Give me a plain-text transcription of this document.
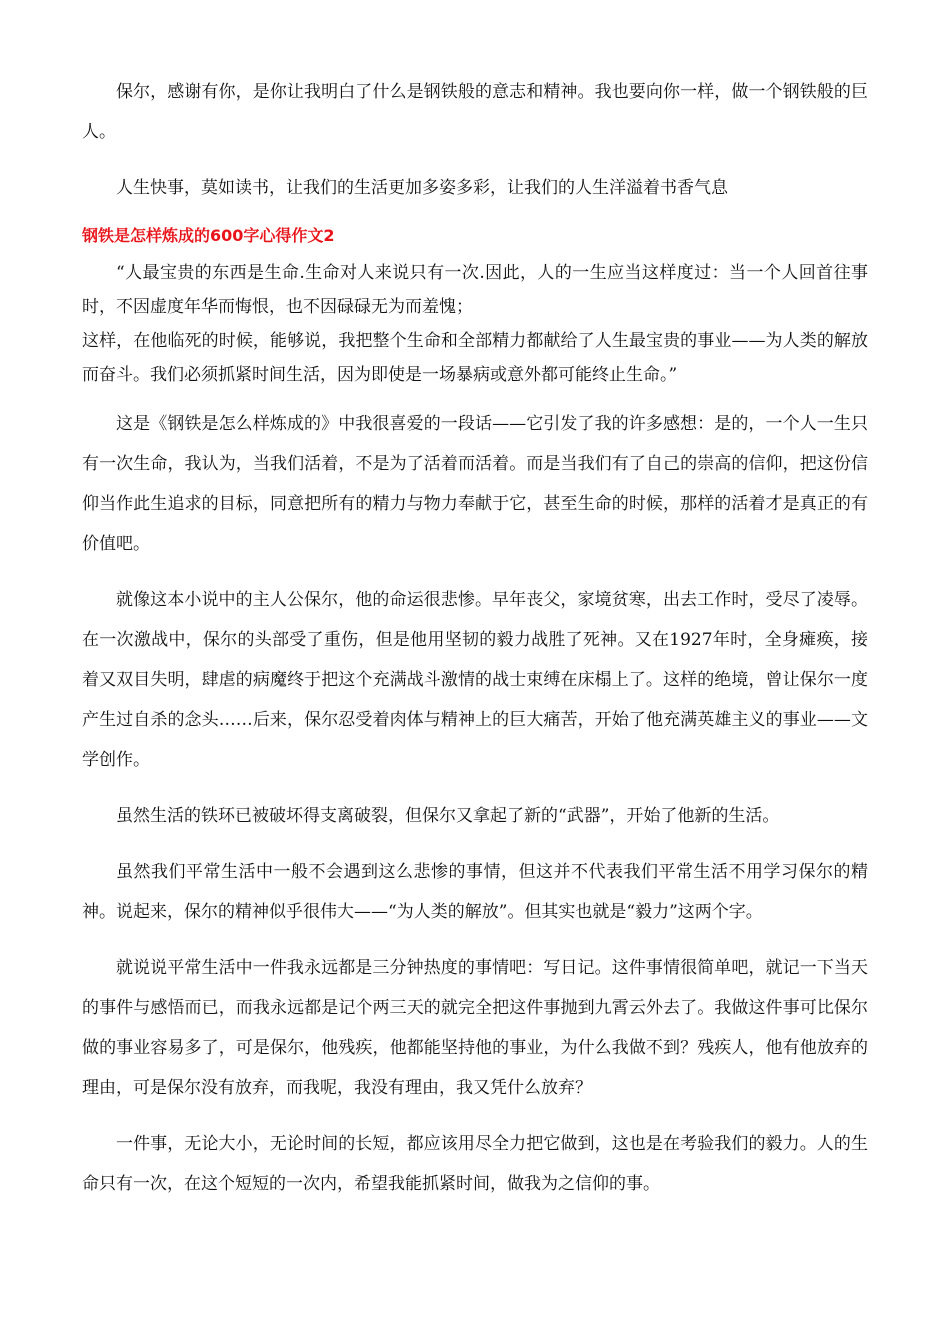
保尔，感谢有你，是你让我明白了什么是钢铁般的意志和精神。我也要向你一样，做一个钢铁般的巨人。

人生快事，莫如读书，让我们的生活更加多姿多彩，让我们的人生洋溢着书香气息

钢铁是怎样炼成的600字心得作文2

“人最宝贵的东西是生命.生命对人来说只有一次.因此，人的一生应当这样度过：当一个人回首往事时，不因虚度年华而悔恨，也不因碌碌无为而羞愧；

这样，在他临死的时候，能够说，我把整个生命和全部精力都献给了人生最宝贵的事业——为人类的解放而奋斗。我们必须抓紧时间生活，因为即使是一场暴病或意外都可能终止生命。”

这是《钢铁是怎么样炼成的》中我很喜爱的一段话——它引发了我的许多感想：是的，一个人一生只有一次生命，我认为，当我们活着，不是为了活着而活着。而是当我们有了自己的崇高的信仰，把这份信仰当作此生追求的目标，同意把所有的精力与物力奉献于它，甚至生命的时候，那样的活着才是真正的有价值吧。

就像这本小说中的主人公保尔，他的命运很悲惨。早年丧父，家境贫寒，出去工作时，受尽了凌辱。在一次激战中，保尔的头部受了重伤，但是他用坚韧的毅力战胜了死神。又在1927年时，全身瘫痪，接着又双目失明，肆虐的病魔终于把这个充满战斗激情的战士束缚在床榻上了。这样的绝境，曾让保尔一度产生过自杀的念头……后来，保尔忍受着肉体与精神上的巨大痛苦，开始了他充满英雄主义的事业——文学创作。

虽然生活的铁环已被破坏得支离破裂，但保尔又拿起了新的“武器”，开始了他新的生活。

虽然我们平常生活中一般不会遇到这么悲惨的事情，但这并不代表我们平常生活不用学习保尔的精神。说起来，保尔的精神似乎很伟大——“为人类的解放”。但其实也就是“毅力”这两个字。

就说说平常生活中一件我永远都是三分钟热度的事情吧：写日记。这件事情很简单吧，就记一下当天的事件与感悟而已，而我永远都是记个两三天的就完全把这件事抛到九霄云外去了。我做这件事可比保尔做的事业容易多了，可是保尔，他残疾，他都能坚持他的事业，为什么我做不到？残疾人，他有他放弃的理由，可是保尔没有放弃，而我呢，我没有理由，我又凭什么放弃？

一件事，无论大小，无论时间的长短，都应该用尽全力把它做到，这也是在考验我们的毅力。人的生命只有一次，在这个短短的一次内，希望我能抓紧时间，做我为之信仰的事。
